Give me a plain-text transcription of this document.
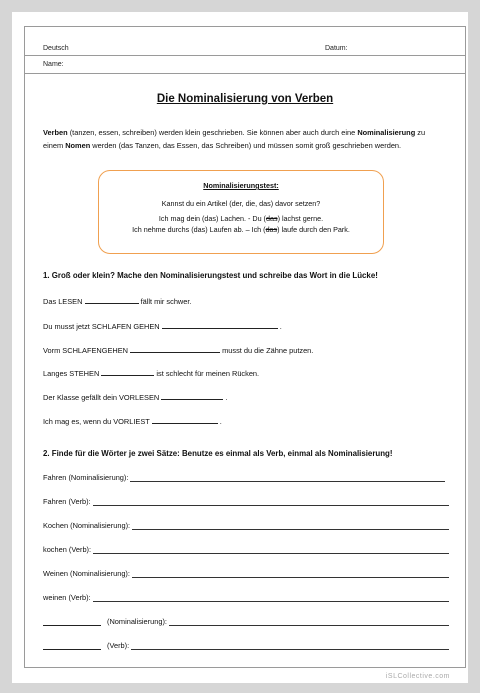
Deutsch	Datum:
Name:
Die Nominalisierung von Verben
Verben (tanzen, essen, schreiben) werden klein geschrieben. Sie können aber auch durch eine Nominalisierung zu einem Nomen werden (das Tanzen, das Essen, das Schreiben) und müssen somit groß geschrieben werden.
Nominalisierungstest:
Kannst du ein Artikel (der, die, das) davor setzen?
Ich mag dein (das) Lachen. - Du (das) lachst gerne.
Ich nehme durchs (das) Laufen ab. – Ich (das) laufe durch den Park.
1. Groß oder klein? Mache den Nominalisierungstest und schreibe das Wort in die Lücke!
Das LESEN	fällt mir schwer.
Du musst jetzt SCHLAFEN GEHEN	.
Vorm SCHLAFENGEHEN	musst du die Zähne putzen.
Langes STEHEN	ist schlecht für meinen Rücken.
Der Klasse gefällt dein VORLESEN	.
Ich mag es, wenn du VORLIEST	.
2. Finde für die Wörter je zwei Sätze: Benutze es einmal als Verb, einmal als Nominalisierung!
Fahren (Nominalisierung):
Fahren (Verb):
Kochen (Nominalisierung):
kochen (Verb):
Weinen (Nominalisierung):
weinen (Verb):
(Nominalisierung):
(Verb):
iSLCollective.com
